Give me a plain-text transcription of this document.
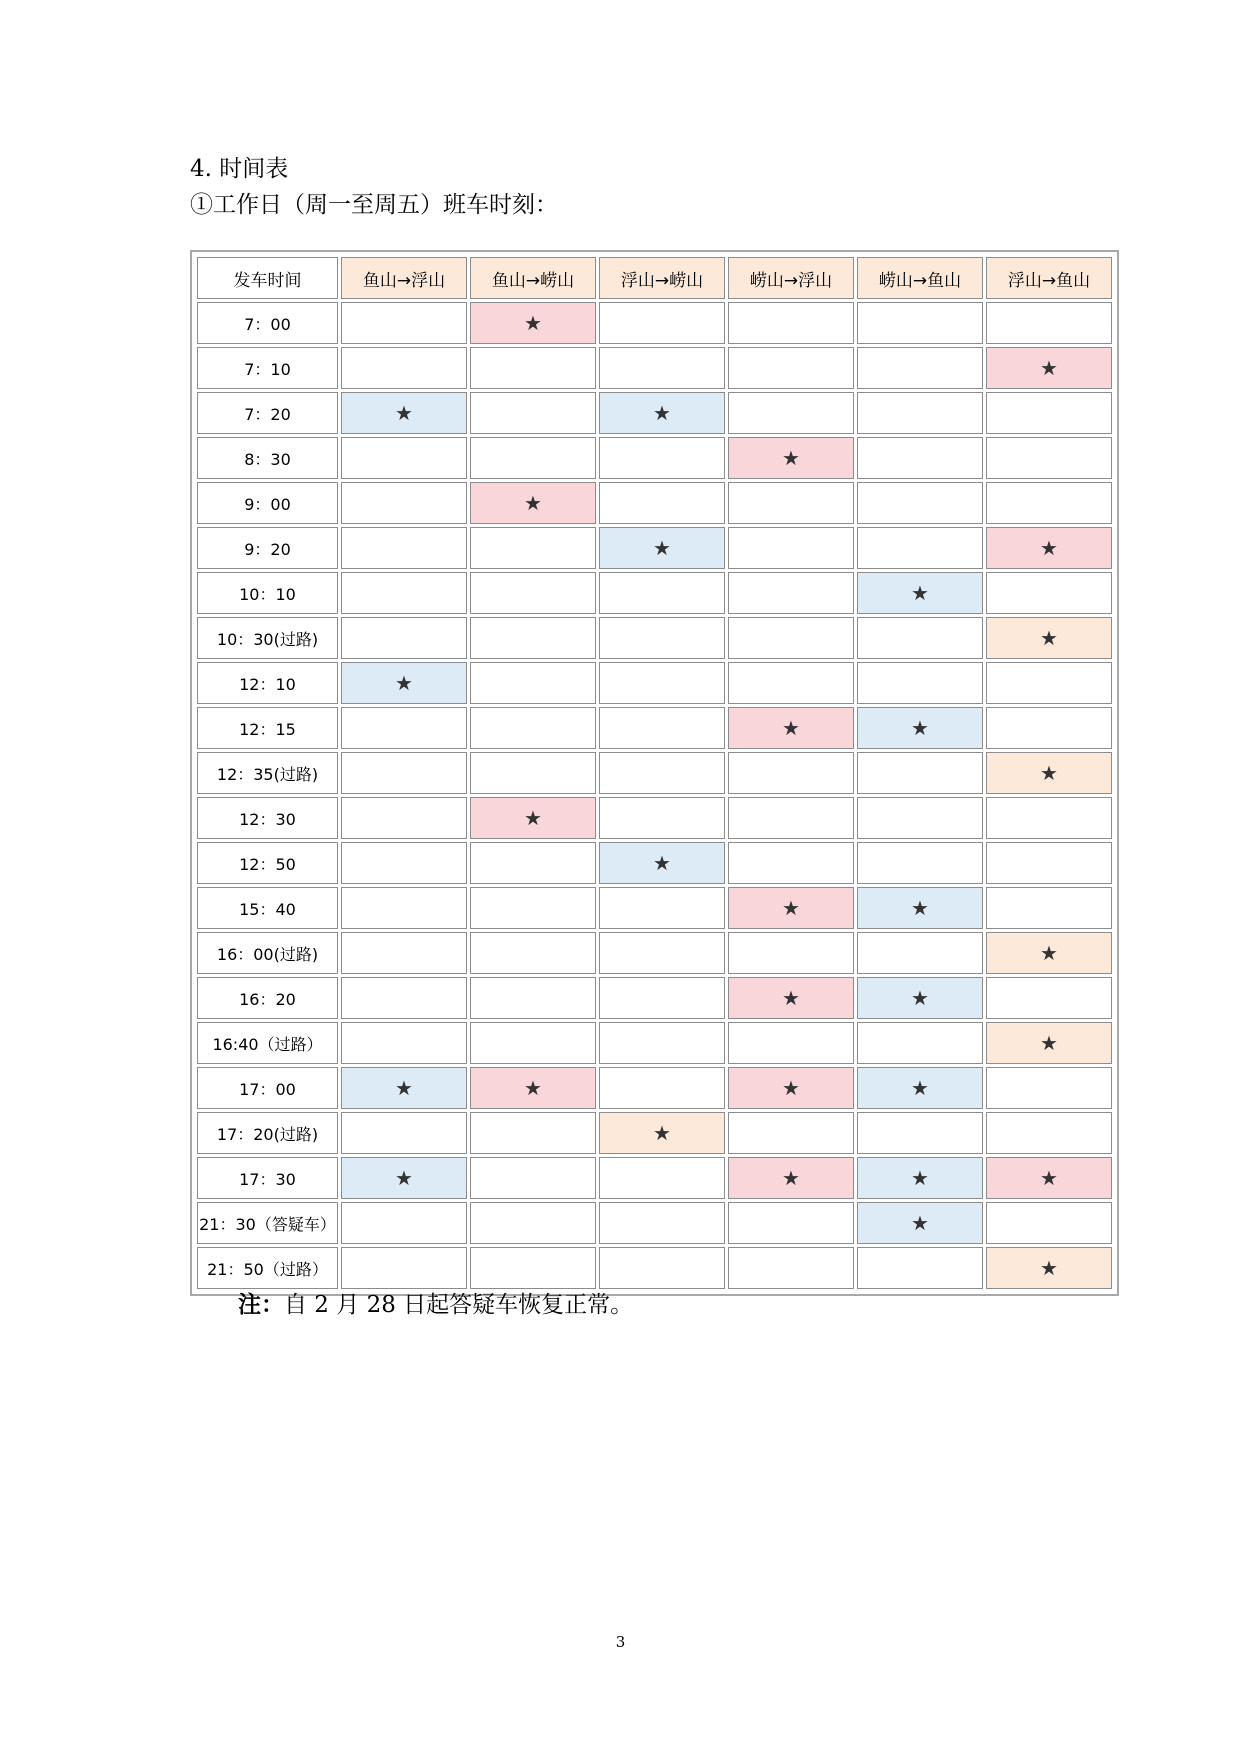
4. 时间表
①工作日（周一至周五）班车时刻：
发车时间	鱼山→浮山	鱼山→崂山	浮山→崂山	崂山→浮山	崂山→鱼山	浮山→鱼山
7：00		★				
7：10						★
7：20	★		★			
8：30				★		
9：00		★				
9：20			★			★
10：10					★	
10：30(过路)						★
12：10	★					
12：15				★	★	
12：35(过路)						★
12：30		★				
12：50			★			
15：40				★	★	
16：00(过路)						★
16：20				★	★	
16:40（过路）						★
17：00	★	★		★	★	
17：20(过路)			★			
17：30	★			★	★	★
21：30（答疑车）					★	
21：50（过路）						★
注：自 2 月 28 日起答疑车恢复正常。
3
